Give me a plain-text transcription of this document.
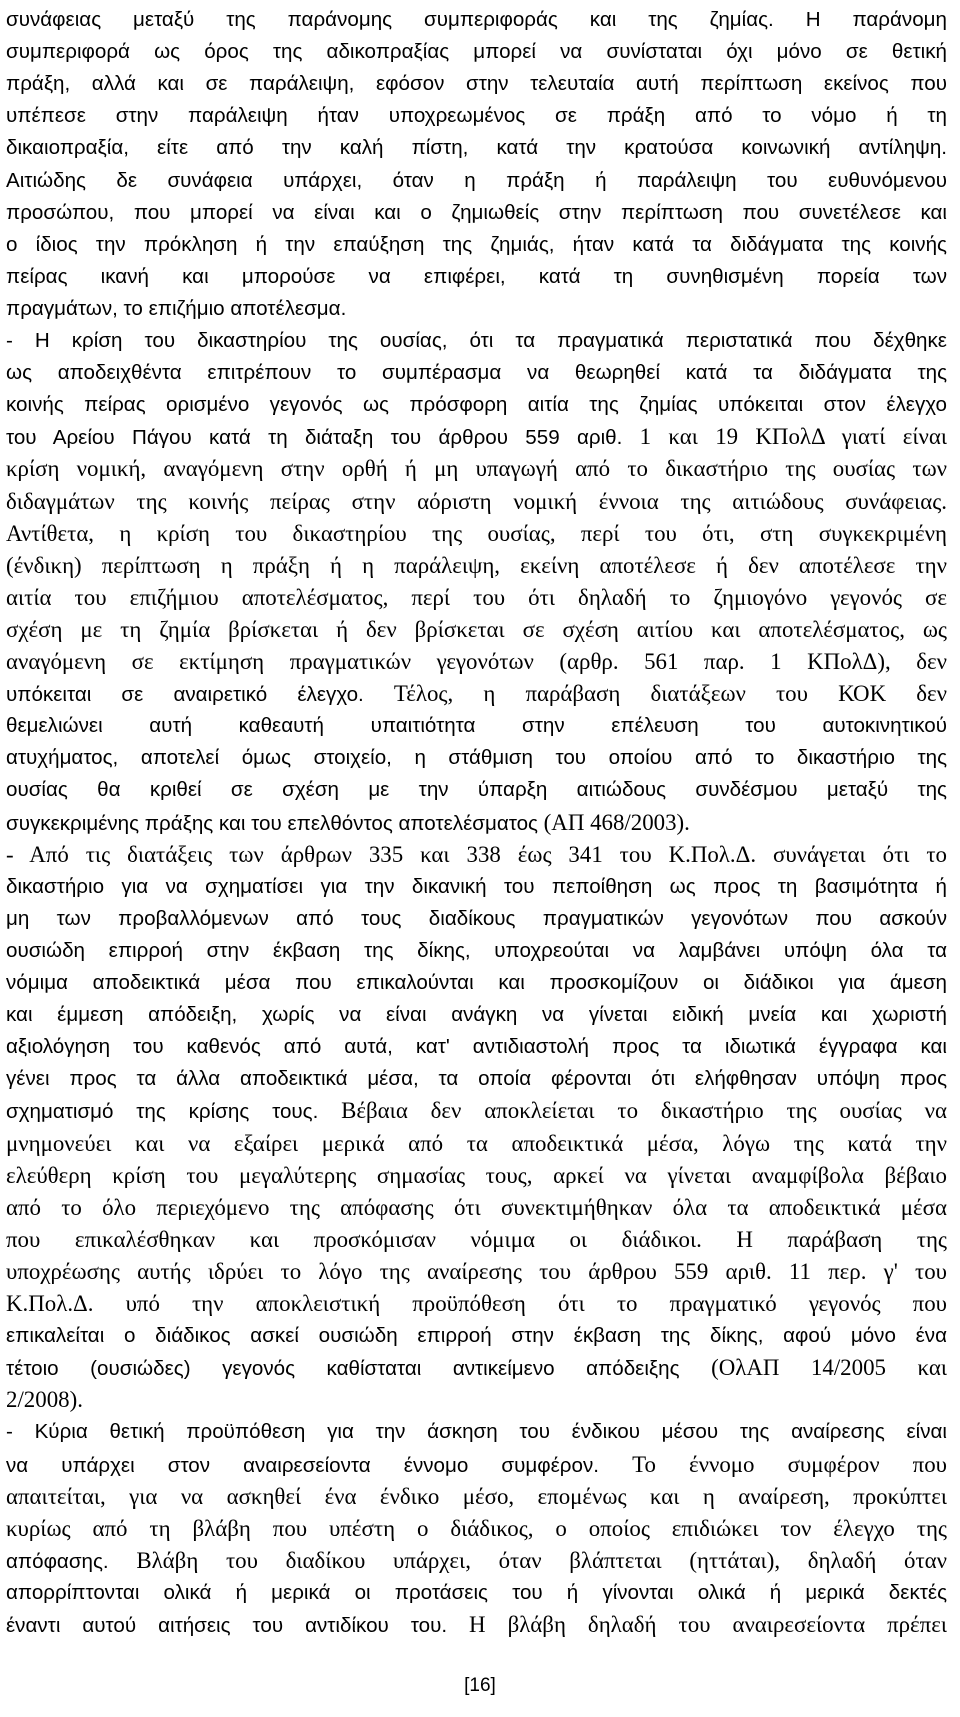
συνάφειας μεταξύ της παράνομης συμπεριφοράς και της ζημίας. Η παράνομη
συμπεριφορά ως όρος της αδικοπραξίας μπορεί να συνίσταται όχι μόνο σε θετική
πράξη, αλλά και σε παράλειψη, εφόσον στην τελευταία αυτή περίπτωση εκείνος που
υπέπεσε στην παράλειψη ήταν υποχρεωμένος σε πράξη από το νόμο ή τη
δικαιοπραξία, είτε από την καλή πίστη, κατά την κρατούσα κοινωνική αντίληψη.
Αιτιώδης δε συνάφεια υπάρχει, όταν η πράξη ή παράλειψη του ευθυνόμενου
προσώπου, που μπορεί να είναι και ο ζημιωθείς στην περίπτωση που συνετέλεσε και
ο ίδιος την πρόκληση ή την επαύξηση της ζημιάς, ήταν κατά τα διδάγματα της κοινής
πείρας ικανή και μπορούσε να επιφέρει, κατά τη συνηθισμένη πορεία των
πραγμάτων, το επιζήμιο αποτέλεσμα.
- Η κρίση του δικαστηρίου της ουσίας, ότι τα πραγματικά περιστατικά που δέχθηκε
ως αποδειχθέντα επιτρέπουν το συμπέρασμα να θεωρηθεί κατά τα διδάγματα της
κοινής πείρας ορισμένο γεγονός ως πρόσφορη αιτία της ζημίας υπόκειται στον έλεγχο
του Αρείου Πάγου κατά τη διάταξη του άρθρου 559 αριθ. 1 και 19 ΚΠολΔ γιατί είναι
κρίση νομική, αναγόμενη στην ορθή ή μη υπαγωγή από το δικαστήριο της ουσίας των
διδαγμάτων της κοινής πείρας στην αόριστη νομική έννοια της αιτιώδους συνάφειας.
Αντίθετα, η κρίση του δικαστηρίου της ουσίας, περί του ότι, στη συγκεκριμένη
(ένδικη) περίπτωση η πράξη ή η παράλειψη, εκείνη αποτέλεσε ή δεν αποτέλεσε την
αιτία του επιζήμιου αποτελέσματος, περί του ότι δηλαδή το ζημιογόνο γεγονός σε
σχέση με τη ζημία βρίσκεται ή δεν βρίσκεται σε σχέση αιτίου και αποτελέσματος, ως
αναγόμενη σε εκτίμηση πραγματικών γεγονότων (αρθρ. 561 παρ. 1 ΚΠολΔ), δεν
υπόκειται σε αναιρετικό έλεγχο. Τέλος, η παράβαση διατάξεων του ΚΟΚ δεν
θεμελιώνει αυτή καθεαυτή υπαιτιότητα στην επέλευση του αυτοκινητικού
ατυχήματος, αποτελεί όμως στοιχείο, η στάθμιση του οποίου από το δικαστήριο της
ουσίας θα κριθεί σε σχέση με την ύπαρξη αιτιώδους συνδέσμου μεταξύ της
συγκεκριμένης πράξης και του επελθόντος αποτελέσματος (ΑΠ 468/2003).
- Από τις διατάξεις των άρθρων 335 και 338 έως 341 του Κ.Πολ.Δ. συνάγεται ότι το
δικαστήριο για να σχηματίσει για την δικανική του πεποίθηση ως προς τη βασιμότητα ή
μη των προβαλλόμενων από τους διαδίκους πραγματικών γεγονότων που ασκούν
ουσιώδη επιρροή στην έκβαση της δίκης, υποχρεούται να λαμβάνει υπόψη όλα τα
νόμιμα αποδεικτικά μέσα που επικαλούνται και προσκομίζουν οι διάδικοι για άμεση
και έμμεση απόδειξη, χωρίς να είναι ανάγκη να γίνεται ειδική μνεία και χωριστή
αξιολόγηση του καθενός από αυτά, κατ' αντιδιαστολή προς τα ιδιωτικά έγγραφα και
γένει προς τα άλλα αποδεικτικά μέσα, τα οποία φέρονται ότι ελήφθησαν υπόψη προς
σχηματισμό της κρίσης τους. Βέβαια δεν αποκλείεται το δικαστήριο της ουσίας να
μνημονεύει και να εξαίρει μερικά από τα αποδεικτικά μέσα, λόγω της κατά την
ελεύθερη κρίση του μεγαλύτερης σημασίας τους, αρκεί να γίνεται αναμφίβολα βέβαιο
από το όλο περιεχόμενο της απόφασης ότι συνεκτιμήθηκαν όλα τα αποδεικτικά μέσα
που επικαλέσθηκαν και προσκόμισαν νόμιμα οι διάδικοι. Η παράβαση της
υποχρέωσης αυτής ιδρύει το λόγο της αναίρεσης του άρθρου 559 αριθ. 11 περ. γ' του
Κ.Πολ.Δ. υπό την αποκλειστική προϋπόθεση ότι το πραγματικό γεγονός που
επικαλείται ο διάδικος ασκεί ουσιώδη επιρροή στην έκβαση της δίκης, αφού μόνο ένα
τέτοιο (ουσιώδες) γεγονός καθίσταται αντικείμενο απόδειξης (ΟλΑΠ 14/2005 και
2/2008).
- Κύρια θετική προϋπόθεση για την άσκηση του ένδικου μέσου της αναίρεσης είναι
να υπάρχει στον αναιρεσείοντα έννομο συμφέρον. Το έννομο συμφέρον που
απαιτείται, για να ασκηθεί ένα ένδικο μέσο, επομένως και η αναίρεση, προκύπτει
κυρίως από τη βλάβη που υπέστη ο διάδικος, ο οποίος επιδιώκει τον έλεγχο της
απόφασης. Βλάβη του διαδίκου υπάρχει, όταν βλάπτεται (ηττάται), δηλαδή όταν
απορρίπτονται ολικά ή μερικά οι προτάσεις του ή γίνονται ολικά ή μερικά δεκτές
έναντι αυτού αιτήσεις του αντιδίκου του. Η βλάβη δηλαδή του αναιρεσείοντα πρέπει
[16]
